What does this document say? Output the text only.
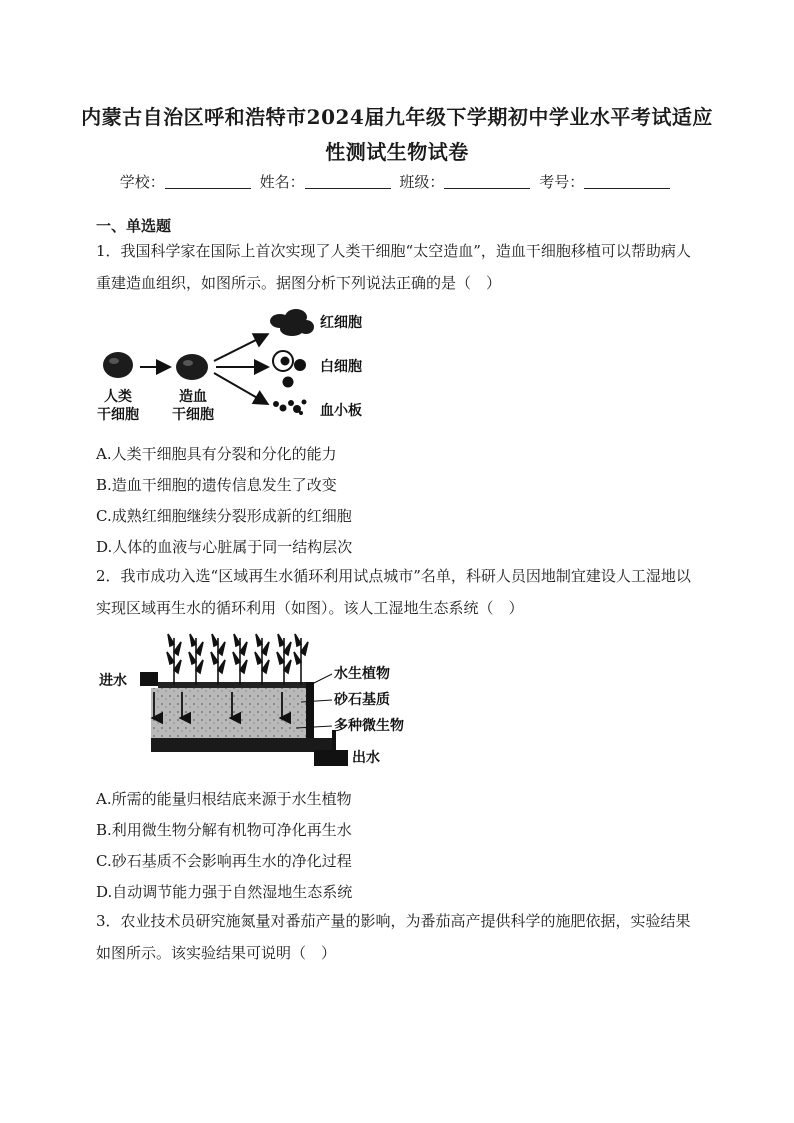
内蒙古自治区呼和浩特市2024届九年级下学期初中学业水平考试适应
性测试生物试卷
学校：	姓名：	班级：	考号：
一、单选题
1．我国科学家在国际上首次实现了人类干细胞“太空造血”，造血干细胞移植可以帮助病人重建造血组织，如图所示。据图分析下列说法正确的是（　）
红细胞
白细胞
血小板
人类
干细胞
造血
干细胞
A.人类干细胞具有分裂和分化的能力
B.造血干细胞的遗传信息发生了改变
C.成熟红细胞继续分裂形成新的红细胞
D.人体的血液与心脏属于同一结构层次
2．我市成功入选“区域再生水循环利用试点城市”名单，科研人员因地制宜建设人工湿地以实现区域再生水的循环利用（如图）。该人工湿地生态系统（　）
进水	水生植物
砂石基质
多种微生物
出水
A.所需的能量归根结底来源于水生植物
B.利用微生物分解有机物可净化再生水
C.砂石基质不会影响再生水的净化过程
D.自动调节能力强于自然湿地生态系统
3．农业技术员研究施氮量对番茄产量的影响，为番茄高产提供科学的施肥依据，实验结果如图所示。该实验结果可说明（　）
